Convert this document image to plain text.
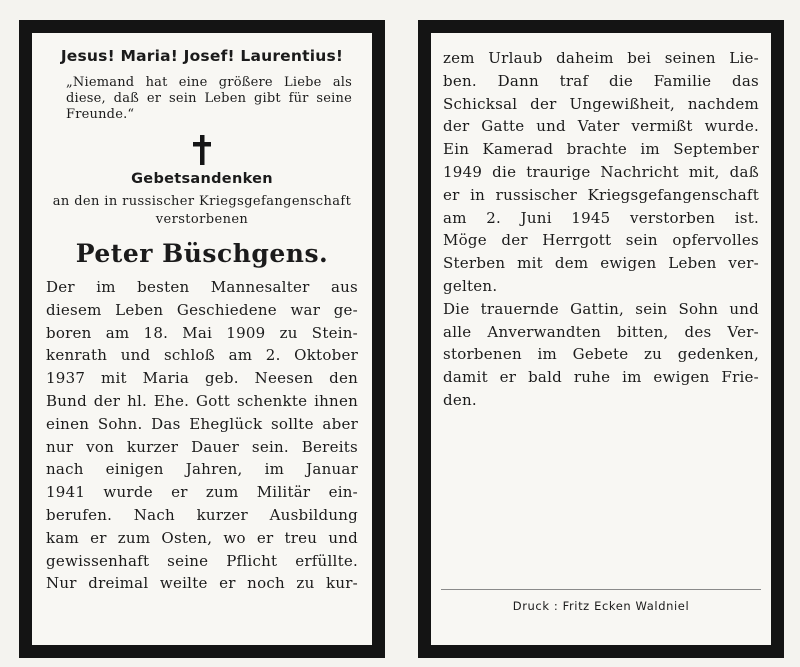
Jesus! Maria! Josef! Laurentius!

„Niemand hat eine größere Liebe als diese, daß er sein Leben gibt für seine Freunde.“

Gebetsandenken

an den in russischer Kriegsgefangenschaft

verstorbenen

Peter Büschgens.

Der im besten Mannesalter aus
diesem Leben Geschiedene war ge-
boren am 18. Mai 1909 zu Stein-
kenrath und schloß am 2. Oktober
1937 mit Maria geb. Neesen den
Bund der hl. Ehe. Gott schenkte ihnen
einen Sohn. Das Eheglück sollte aber
nur von kurzer Dauer sein. Bereits
nach einigen Jahren, im Januar
1941 wurde er zum Militär ein-
berufen. Nach kurzer Ausbildung
kam er zum Osten, wo er treu und
gewissenhaft seine Pflicht erfüllte.
Nur dreimal weilte er noch zu kur-
zem Urlaub daheim bei seinen Lie-
ben. Dann traf die Familie das
Schicksal der Ungewißheit, nachdem
der Gatte und Vater vermißt wurde.
Ein Kamerad brachte im September
1949 die traurige Nachricht mit, daß
er in russischer Kriegsgefangenschaft
am 2. Juni 1945 verstorben ist.
Möge der Herrgott sein opfervolles
Sterben mit dem ewigen Leben ver-
gelten.
Die trauernde Gattin, sein Sohn und
alle Anverwandten bitten, des Ver-
storbenen im Gebete zu gedenken,
damit er bald ruhe im ewigen Frie-
den.
Druck : Fritz Ecken Waldniel
